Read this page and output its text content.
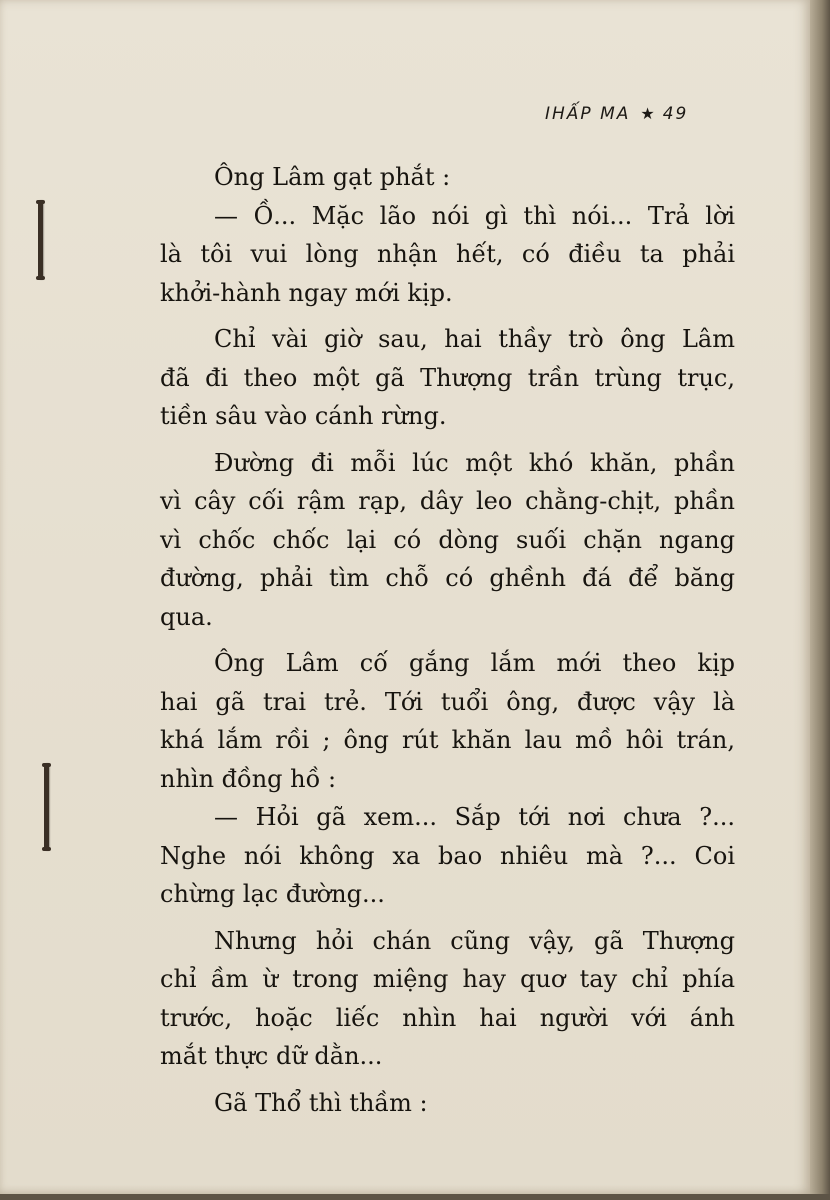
IHẤP MA ★ 49
Ông Lâm gạt phắt :
— Ồ... Mặc lão nói gì thì nói... Trả lời
là tôi vui lòng nhận hết, có điều ta phải
khởi-hành ngay mới kịp.
Chỉ vài giờ sau, hai thầy trò ông Lâm
đã đi theo một gã Thượng trần trùng trục,
tiền sâu vào cánh rừng.
Đường đi mỗi lúc một khó khăn, phần
vì cây cối rậm rạp, dây leo chằng-chịt, phần
vì chốc chốc lại có dòng suối chặn ngang
đường, phải tìm chỗ có ghềnh đá để băng
qua.
Ông Lâm cố gắng lắm mới theo kịp
hai gã trai trẻ. Tới tuổi ông, được vậy là
khá lắm rồi ; ông rút khăn lau mồ hôi trán,
nhìn đồng hồ :
— Hỏi gã xem... Sắp tới nơi chưa ?...
Nghe nói không xa bao nhiêu mà ?... Coi
chừng lạc đường...
Nhưng hỏi chán cũng vậy, gã Thượng
chỉ ầm ừ trong miệng hay quơ tay chỉ phía
trước, hoặc liếc nhìn hai người với ánh
mắt thực dữ dằn...
Gã Thổ thì thầm :
